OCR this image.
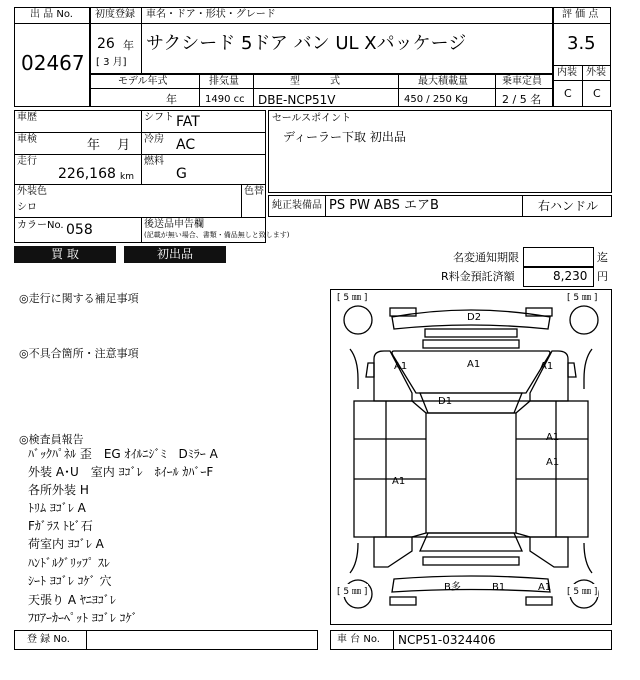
出 品 No.
02467
初度登録 車名・ドア・形状・グレード
26 年
[ 3 月]
サクシード 5ドア バン UL Xパッケージ
評 価 点
3.5
内装 外装
C C
モデル年式	排気量	型　　　式	最大積載量	乗車定員
年	1490 cc DBE-NCP51V	450 / 250 Kg	2 / 5 名
車歴	シフト FAT
車検	年　 月 冷房 AC
走行
226,168 km
燃料
G
外装色
シロ
色替
カラーNo. 058	後送品申告欄
(記載が無い場合、書類・備品無しと致します)
セールスポイント
ディーラー下取 初出品
純正装備品 PS PW ABS エアB	右ハンドル
買 取	初出品	名変通知期限	迄
R料金預託済額	8,230 円
◎走行に関する補足事項
◎不具合箇所・注意事項
◎検査員報告
ﾊﾞｯｸﾊﾟﾈﾙ 歪　EG ｵｲﾙﾆｼﾞﾐ　Dﾐﾗｰ A
外装 A･U　室内 ﾖｺﾞﾚ　ﾎｲｰﾙ ｶﾊﾞｰF
各所外装 H
ﾄﾘﾑ ﾖｺﾞﾚ A
Fｶﾞﾗｽ ﾄﾋﾞ石
荷室内 ﾖｺﾞﾚ A
ﾊﾝﾄﾞﾙｸﾞﾘｯﾌﾟ ｽﾚ
ｼｰﾄ ﾖｺﾞﾚ ｺｹﾞ 穴
天張り A ﾔﾆﾖｺﾞﾚ
ﾌﾛｱｰｶｰﾍﾟｯﾄ ﾖｺﾞﾚ ｺｹﾞ
[ 5 ㎜ ]	[ 5 ㎜ ]
[ 5 ㎜ ]	[ 5 ㎜ ]
D2
A1
A1	A1
D1
A1
A1
A1
B多	B1	A1
登 録 No.	車 台 No. NCP51-0324406
